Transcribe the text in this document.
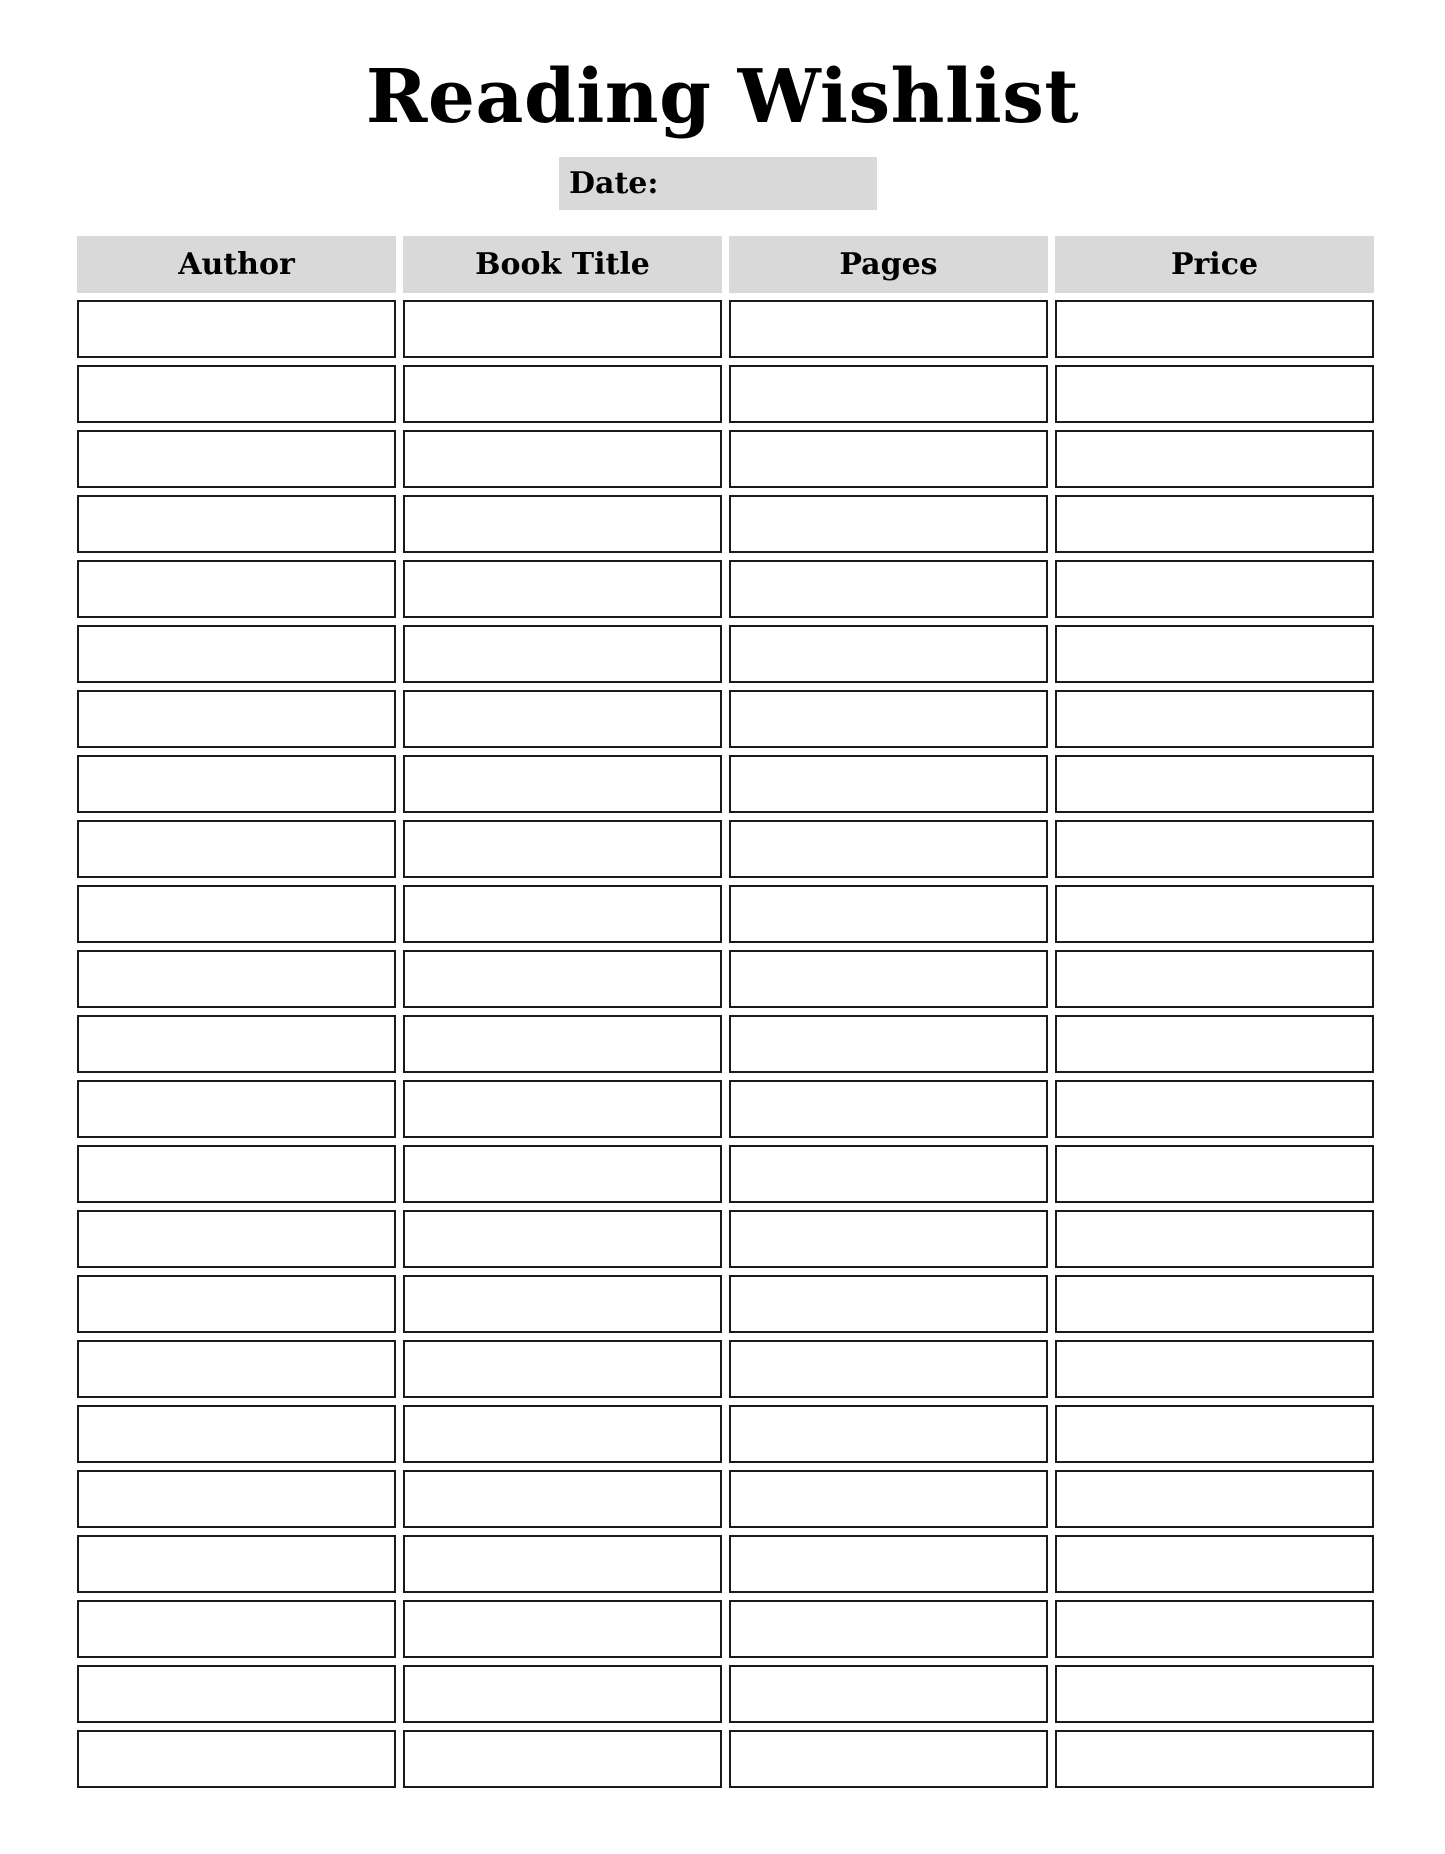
Reading Wishlist
Date:
Author	Book Title	Pages	Price
